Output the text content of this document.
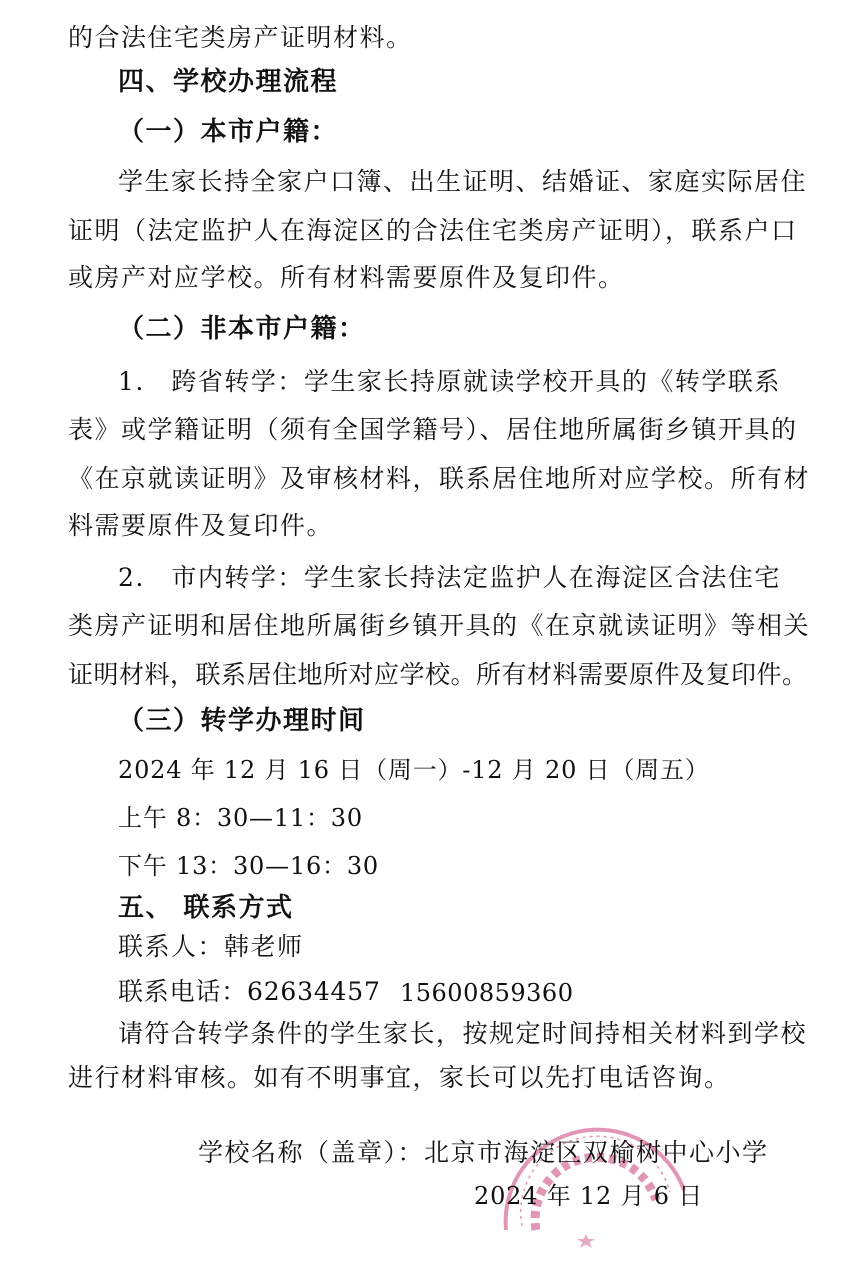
的合法住宅类房产证明材料。
四、学校办理流程
（一）本市户籍：
学生家长持全家户口簿、出生证明、结婚证、家庭实际居住
证明（法定监护人在海淀区的合法住宅类房产证明），联系户口
或房产对应学校。所有材料需要原件及复印件。
（二）非本市户籍：
1.　跨省转学：学生家长持原就读学校开具的《转学联系
表》或学籍证明（须有全国学籍号）、居住地所属街乡镇开具的
《在京就读证明》及审核材料，联系居住地所对应学校。所有材
料需要原件及复印件。
2.　市内转学：学生家长持法定监护人在海淀区合法住宅
类房产证明和居住地所属街乡镇开具的《在京就读证明》等相关
证明材料，联系居住地所对应学校。所有材料需要原件及复印件。
（三）转学办理时间
2024 年 12 月 16 日（周一）-12 月 20 日（周五）
上午 8：30—11：30
下午 13：30—16：30
五、 联系方式
联系人：韩老师
联系电话：62634457 15600859360
请符合转学条件的学生家长，按规定时间持相关材料到学校
进行材料审核。如有不明事宜，家长可以先打电话咨询。
学校名称（盖章）：北京市海淀区双榆树中心小学
2024 年 12 月 6 日
